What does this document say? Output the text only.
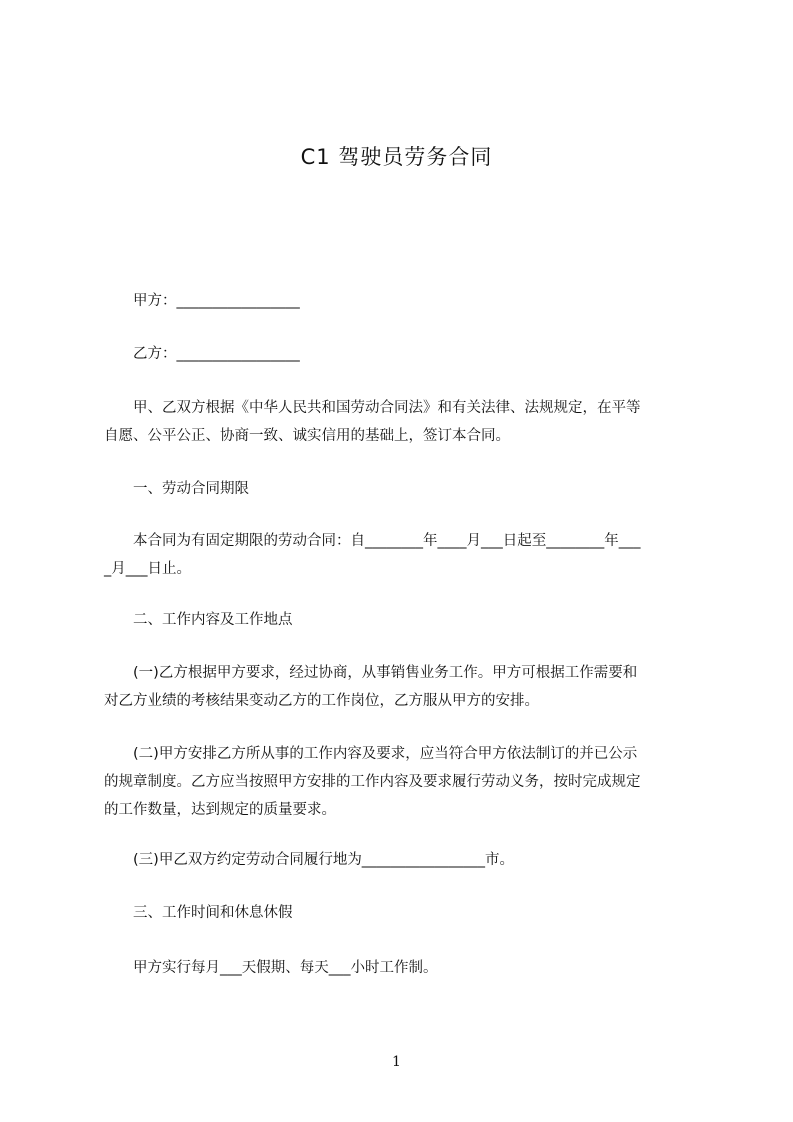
C1 驾驶员劳务合同

　　甲方：_________________

　　乙方：_________________

　　甲、乙双方根据《中华人民共和国劳动合同法》和有关法律、法规规定，在平等
自愿、公平公正、协商一致、诚实信用的基础上，签订本合同。

　　一、劳动合同期限

　　本合同为有固定期限的劳动合同：自________年____月___日起至________年___
_月___日止。

　　二、工作内容及工作地点

　　(一)乙方根据甲方要求，经过协商，从事销售业务工作。甲方可根据工作需要和
对乙方业绩的考核结果变动乙方的工作岗位，乙方服从甲方的安排。

　　(二)甲方安排乙方所从事的工作内容及要求，应当符合甲方依法制订的并已公示
的规章制度。乙方应当按照甲方安排的工作内容及要求履行劳动义务，按时完成规定
的工作数量，达到规定的质量要求。

　　(三)甲乙双方约定劳动合同履行地为_________________市。

　　三、工作时间和休息休假

　　甲方实行每月___天假期、每天___小时工作制。

1
